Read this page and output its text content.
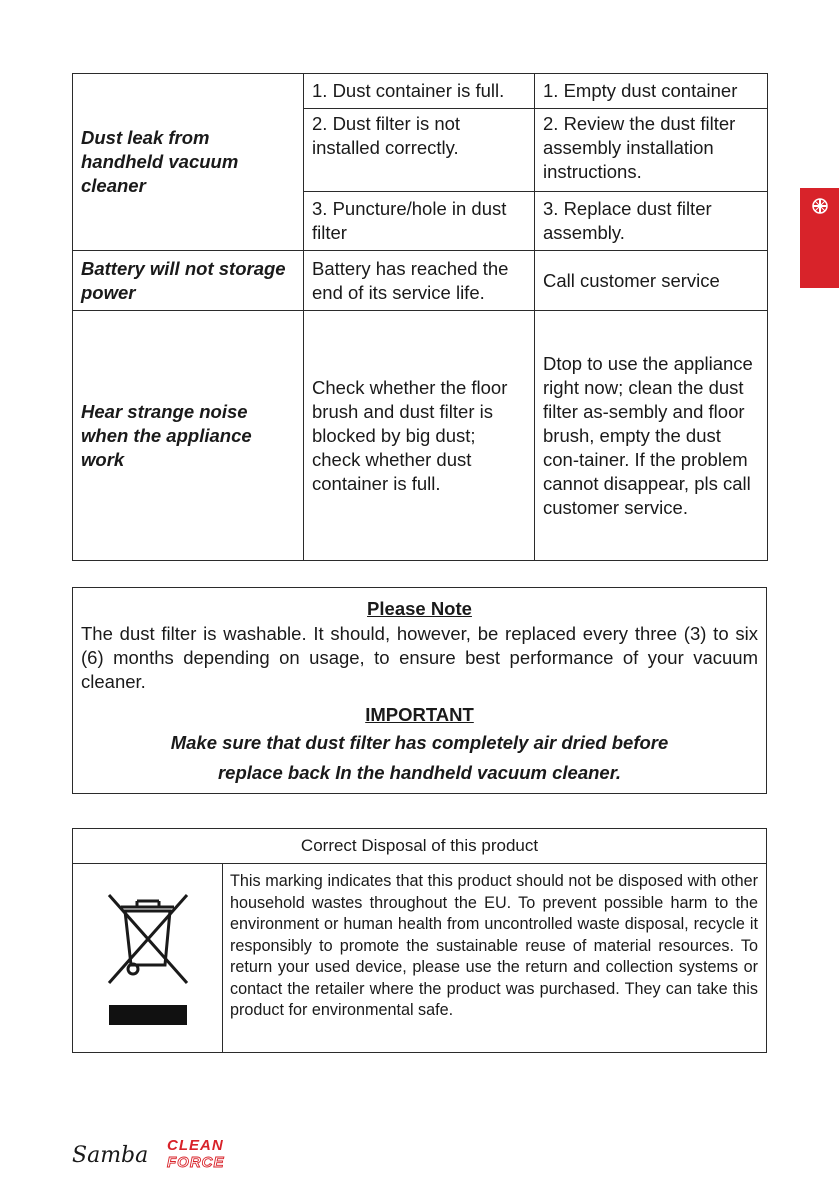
Dust leak from handheld vacuum cleaner	1. Dust container is full.	1. Empty dust container
	2. Dust filter is not installed correctly.	2. Review the dust filter assembly installation instructions.
	3. Puncture/hole in dust filter	3. Replace dust filter assembly.
Battery will not storage power	Battery has reached the end of its service life.	Call customer service
Hear strange noise when the appliance work	Check whether the floor brush and dust filter is blocked by big dust; check whether dust container is full.	Dtop to use the appliance right now; clean the dust filter as-sembly and floor brush, empty the dust con-tainer. If the problem cannot disappear, pls call customer service.
Please Note

The dust filter is washable. It should, however, be replaced every three (3) to six (6) months depending on usage, to ensure best performance of your vacuum cleaner.

IMPORTANT
Make sure that dust filter has completely air dried before
replace back In the handheld vacuum cleaner.
Correct Disposal of this product
This marking indicates that this product should not be disposed with other household wastes throughout the EU. To prevent possible harm to the environment or human health from uncontrolled waste disposal, recycle it responsibly to promote the sustainable reuse of material resources. To return your used device, please use the return and collection systems or contact the retailer where the product was purchased. They can take this product for environmental safe.
Samba CLEAN
FORCE
